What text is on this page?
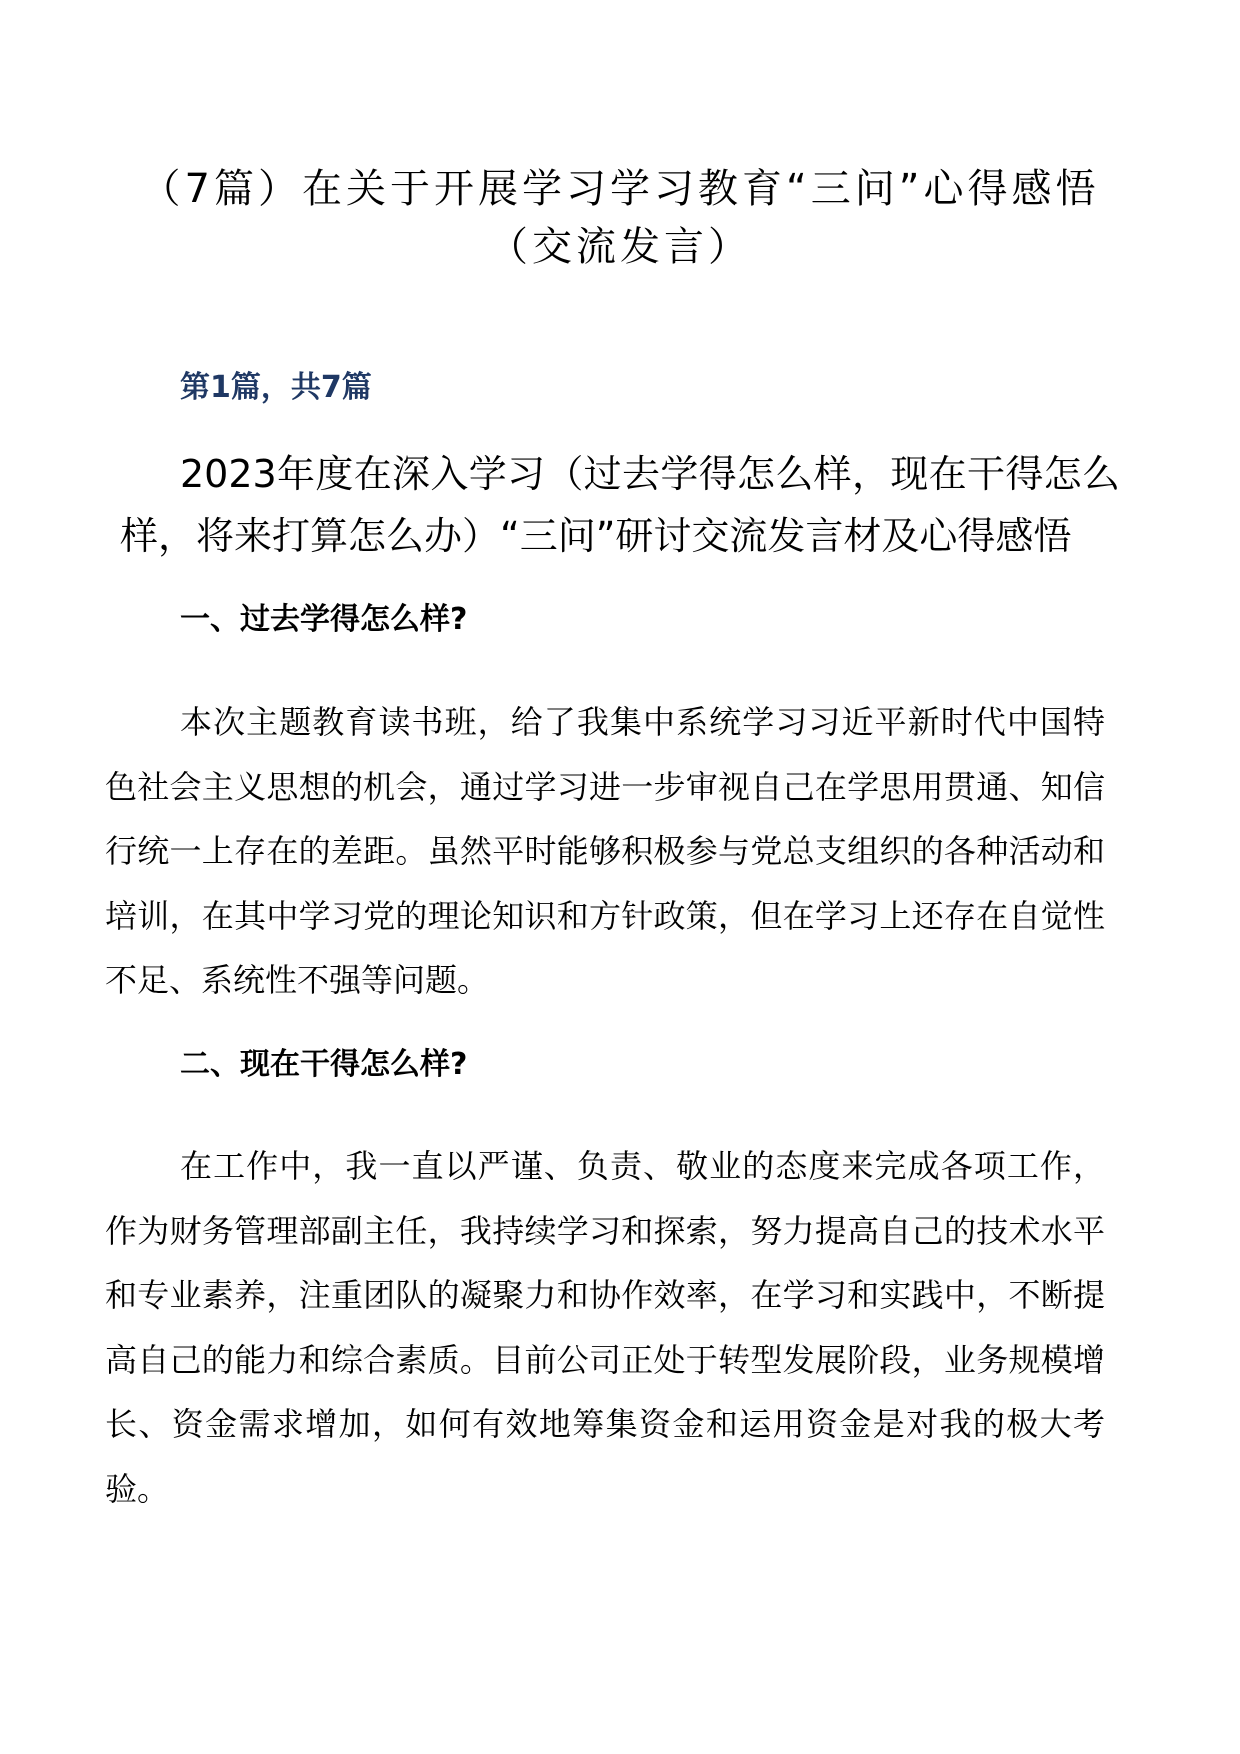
（7篇）在关于开展学习学习教育“三问”心得感悟（交流发言）

第1篇，共7篇

2023年度在深入学习（过去学得怎么样，现在干得怎么样，将来打算怎么办）“三问”研讨交流发言材及心得感悟
一、过去学得怎么样?

本次主题教育读书班，给了我集中系统学习习近平新时代中国特色社会主义思想的机会，通过学习进一步审视自己在学思用贯通、知信行统一上存在的差距。虽然平时能够积极参与党总支组织的各种活动和培训，在其中学习党的理论知识和方针政策，但在学习上还存在自觉性不足、系统性不强等问题。

二、现在干得怎么样?

在工作中，我一直以严谨、负责、敬业的态度来完成各项工作，作为财务管理部副主任，我持续学习和探索，努力提高自己的技术水平和专业素养，注重团队的凝聚力和协作效率，在学习和实践中，不断提高自己的能力和综合素质。目前公司正处于转型发展阶段，业务规模增长、资金需求增加，如何有效地筹集资金和运用资金是对我的极大考验。
